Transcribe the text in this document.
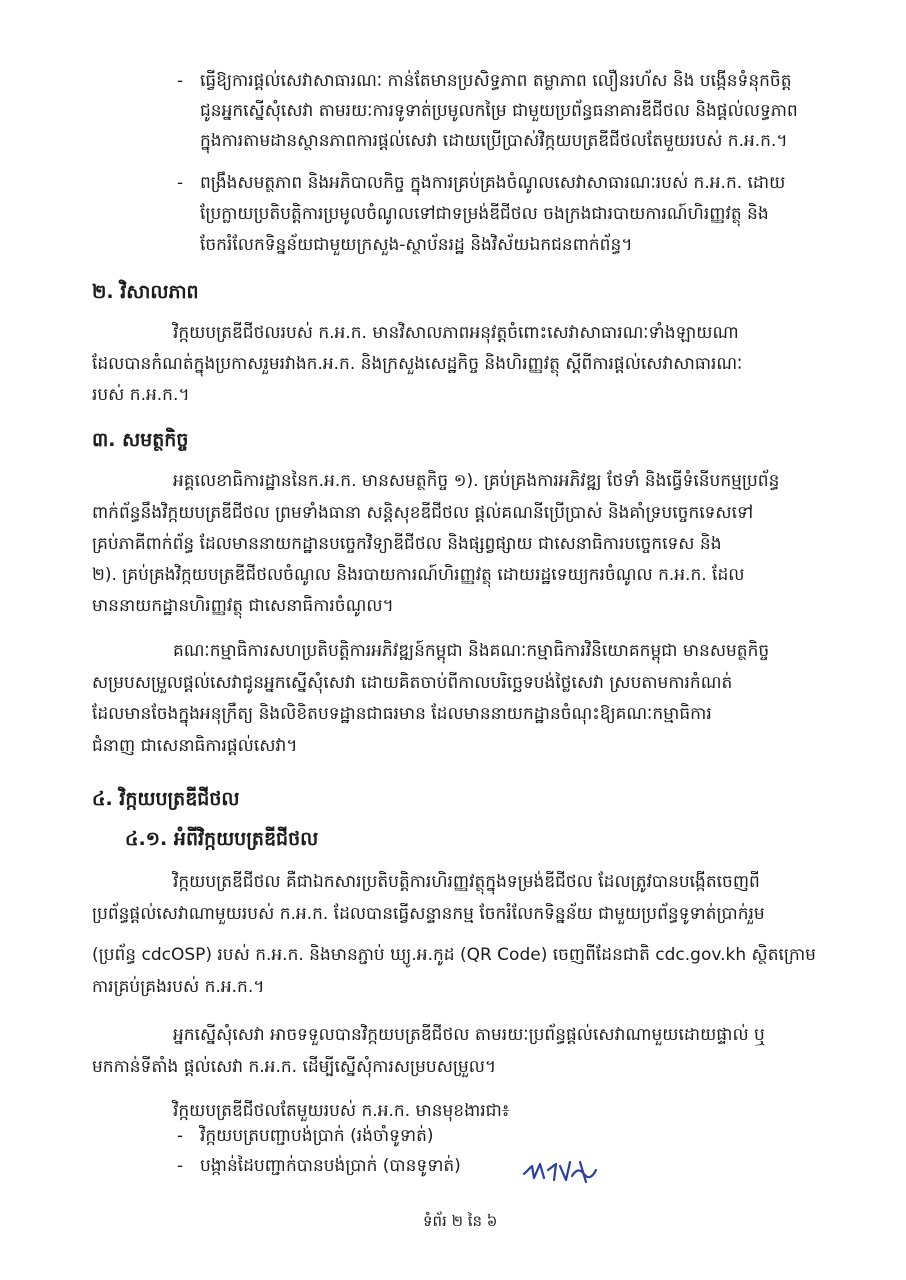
- ធ្វើឱ្យការផ្តល់សេវាសាធារណៈ កាន់តែមានប្រសិទ្ធភាព តម្លាភាព លឿនរហ័ស និង បង្កើនទំនុកចិត្ត
ជូនអ្នកស្នើសុំសេវា តាមរយៈការទូទាត់ប្រមូលកម្រៃ ជាមួយប្រព័ន្ធធនាគារឌីជីថល និងផ្តល់លទ្ធភាព
ក្នុងការតាមដានស្ថានភាពការផ្តល់សេវា ដោយប្រើប្រាស់វិក្កយបត្រឌីជីថលតែមួយរបស់ ក.អ.ក.។
- ពង្រឹងសមត្ថភាព និងអភិបាលកិច្ច ក្នុងការគ្រប់គ្រងចំណូលសេវាសាធារណៈរបស់ ក.អ.ក. ដោយ
ប្រែក្លាយប្រតិបត្តិការប្រមូលចំណូលទៅជាទម្រង់ឌីជីថល ចងក្រងជារបាយការណ៍ហិរញ្ញវត្ថុ និង
ចែករំលែកទិន្នន័យជាមួយក្រសួង-ស្ថាប័នរដ្ឋ និងវិស័យឯកជនពាក់ព័ន្ធ។
២. វិសាលភាព
វិក្កយបត្រឌីជីថលរបស់ ក.អ.ក. មានវិសាលភាពអនុវត្តចំពោះសេវាសាធារណៈទាំងឡាយណា
ដែលបានកំណត់ក្នុងប្រកាសរួមរវាងក.អ.ក. និងក្រសួងសេដ្ឋកិច្ច និងហិរញ្ញវត្ថុ ស្តីពីការផ្តល់សេវាសាធារណៈ
របស់ ក.អ.ក.។
៣. សមត្ថកិច្ច
អគ្គលេខាធិការដ្ឋាននៃក.អ.ក. មានសមត្ថកិច្ច ១). គ្រប់គ្រងការអភិវឌ្ឍ ថែទាំ និងធ្វើទំនើបកម្មប្រព័ន្ធ
ពាក់ព័ន្ធនឹងវិក្កយបត្រឌីជីថល ព្រមទាំងធានា សន្តិសុខឌីជីថល ផ្តល់គណនីប្រើប្រាស់ និងគាំទ្របច្ចេកទេសទៅ
គ្រប់ភាគីពាក់ព័ន្ធ ដែលមាននាយកដ្ឋានបច្ចេកវិទ្យាឌីជីថល និងផ្សព្វផ្សាយ ជាសេនាធិការបច្ចេកទេស និង
២). គ្រប់គ្រងវិក្កយបត្រឌីជីថលចំណូល និងរបាយការណ៍ហិរញ្ញវត្ថុ ដោយរដ្ឋទេយ្យករចំណូល ក.អ.ក. ដែល
មាននាយកដ្ឋានហិរញ្ញវត្ថុ ជាសេនាធិការចំណូល។
គណៈកម្មាធិការសហប្រតិបត្តិការអភិវឌ្ឍន៍កម្ពុជា និងគណៈកម្មាធិការវិនិយោគកម្ពុជា មានសមត្ថកិច្ច
សម្របសម្រួលផ្តល់សេវាជូនអ្នកស្នើសុំសេវា ដោយគិតចាប់ពីកាលបរិច្ឆេទបង់ថ្លៃសេវា ស្របតាមការកំណត់
ដែលមានចែងក្នុងអនុក្រឹត្យ និងលិខិតបទដ្ឋានជាធរមាន ដែលមាននាយកដ្ឋានចំណុះឱ្យគណៈកម្មាធិការ
ជំនាញ ជាសេនាធិការផ្តល់សេវា។
៤. វិក្កយបត្រឌីជីថល
៤.១. អំពីវិក្កយបត្រឌីជីថល
វិក្កយបត្រឌីជីថល គឺជាឯកសារប្រតិបត្តិការហិរញ្ញវត្ថុក្នុងទម្រង់ឌីជីថល ដែលត្រូវបានបង្កើតចេញពី
ប្រព័ន្ធផ្តល់សេវាណាមួយរបស់ ក.អ.ក. ដែលបានធ្វើសន្ទានកម្ម ចែករំលែកទិន្នន័យ ជាមួយប្រព័ន្ធទូទាត់ប្រាក់រួម
(ប្រព័ន្ធ cdcOSP) របស់ ក.អ.ក. និងមានភ្ជាប់ ឃ្យូ.អ.កូដ (QR Code) ចេញពីដែនជាតិ cdc.gov.kh ស្ថិតក្រោម
ការគ្រប់គ្រងរបស់ ក.អ.ក.។
អ្នកស្នើសុំសេវា អាចទទួលបានវិក្កយបត្រឌីជីថល តាមរយៈប្រព័ន្ធផ្តល់សេវាណាមួយដោយផ្ទាល់ ឬ
មកកាន់ទីតាំង ផ្តល់សេវា ក.អ.ក. ដើម្បីស្នើសុំការសម្របសម្រួល។
វិក្កយបត្រឌីជីថលតែមួយរបស់ ក.អ.ក. មានមុខងារជា៖
- វិក្កយបត្របញ្ជាបង់ប្រាក់ (រង់ចាំទូទាត់)
- បង្កាន់ដៃបញ្ជាក់បានបង់ប្រាក់ (បានទូទាត់)
ទំព័រ ២ នៃ ៦
